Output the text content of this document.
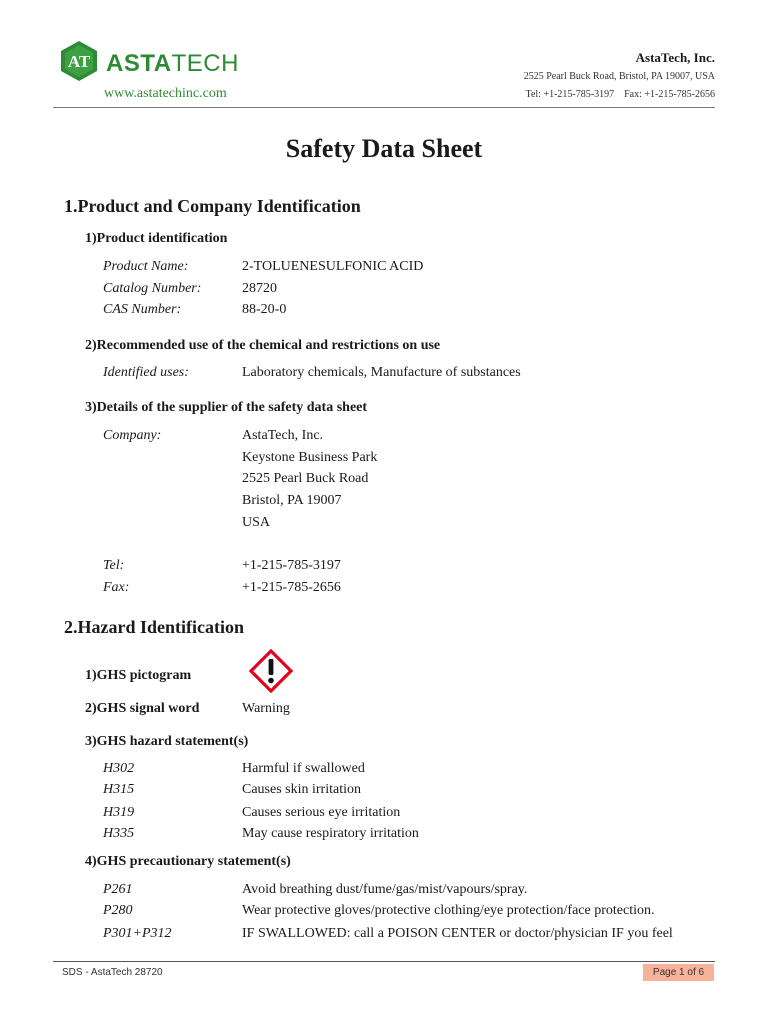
AT ASTATECH
www.astatechinc.com
AstaTech, Inc.
2525 Pearl Buck Road, Bristol, PA 19007, USA
Tel: +1-215-785-3197    Fax: +1-215-785-2656
Safety Data Sheet
1.Product and Company Identification
1)Product identification
Product Name:	2-TOLUENESULFONIC ACID
Catalog Number:	28720
CAS Number:	88-20-0
2)Recommended use of the chemical and restrictions on use
Identified uses:	Laboratory chemicals, Manufacture of substances
3)Details of the supplier of the safety data sheet
Company:	AstaTech, Inc.
Keystone Business Park
2525 Pearl Buck Road
Bristol, PA 19007
USA
Tel:	+1-215-785-3197
Fax:	+1-215-785-2656
2.Hazard Identification
1)GHS pictogram
2)GHS signal word	Warning
3)GHS hazard statement(s)
H302	Harmful if swallowed
H315	Causes skin irritation
H319	Causes serious eye irritation
H335	May cause respiratory irritation
4)GHS precautionary statement(s)
P261	Avoid breathing dust/fume/gas/mist/vapours/spray.
P280	Wear protective gloves/protective clothing/eye protection/face protection.
P301+P312	IF SWALLOWED: call a POISON CENTER or doctor/physician IF you feel
SDS - AstaTech 28720	Page 1 of 6
